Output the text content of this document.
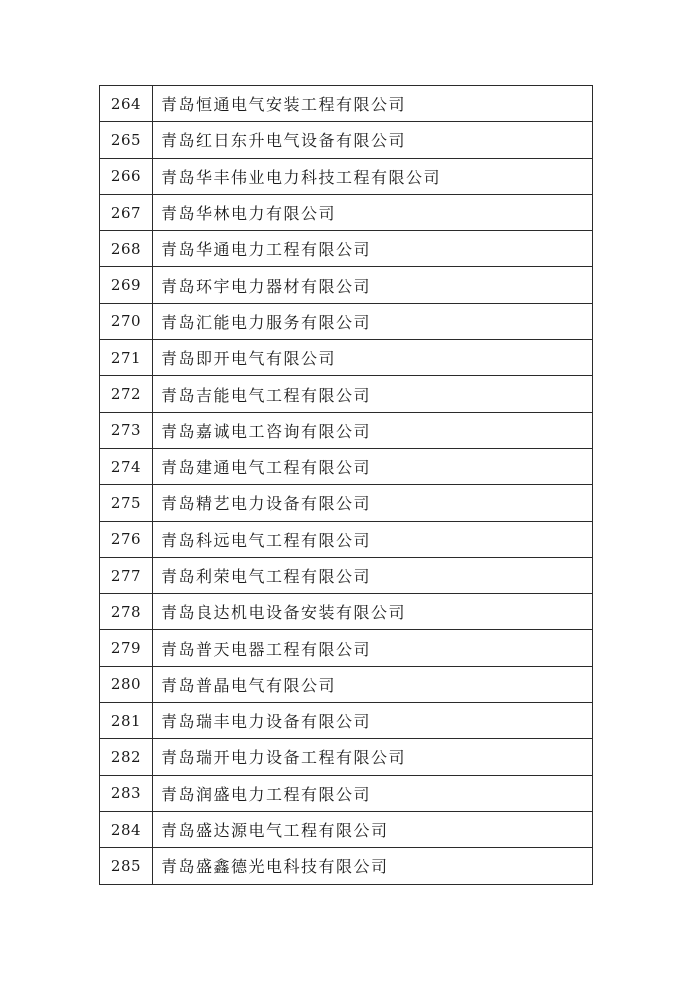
264	青岛恒通电气安装工程有限公司
265	青岛红日东升电气设备有限公司
266	青岛华丰伟业电力科技工程有限公司
267	青岛华林电力有限公司
268	青岛华通电力工程有限公司
269	青岛环宇电力器材有限公司
270	青岛汇能电力服务有限公司
271	青岛即开电气有限公司
272	青岛吉能电气工程有限公司
273	青岛嘉诚电工咨询有限公司
274	青岛建通电气工程有限公司
275	青岛精艺电力设备有限公司
276	青岛科远电气工程有限公司
277	青岛利荣电气工程有限公司
278	青岛良达机电设备安装有限公司
279	青岛普天电器工程有限公司
280	青岛普晶电气有限公司
281	青岛瑞丰电力设备有限公司
282	青岛瑞开电力设备工程有限公司
283	青岛润盛电力工程有限公司
284	青岛盛达源电气工程有限公司
285	青岛盛鑫德光电科技有限公司
